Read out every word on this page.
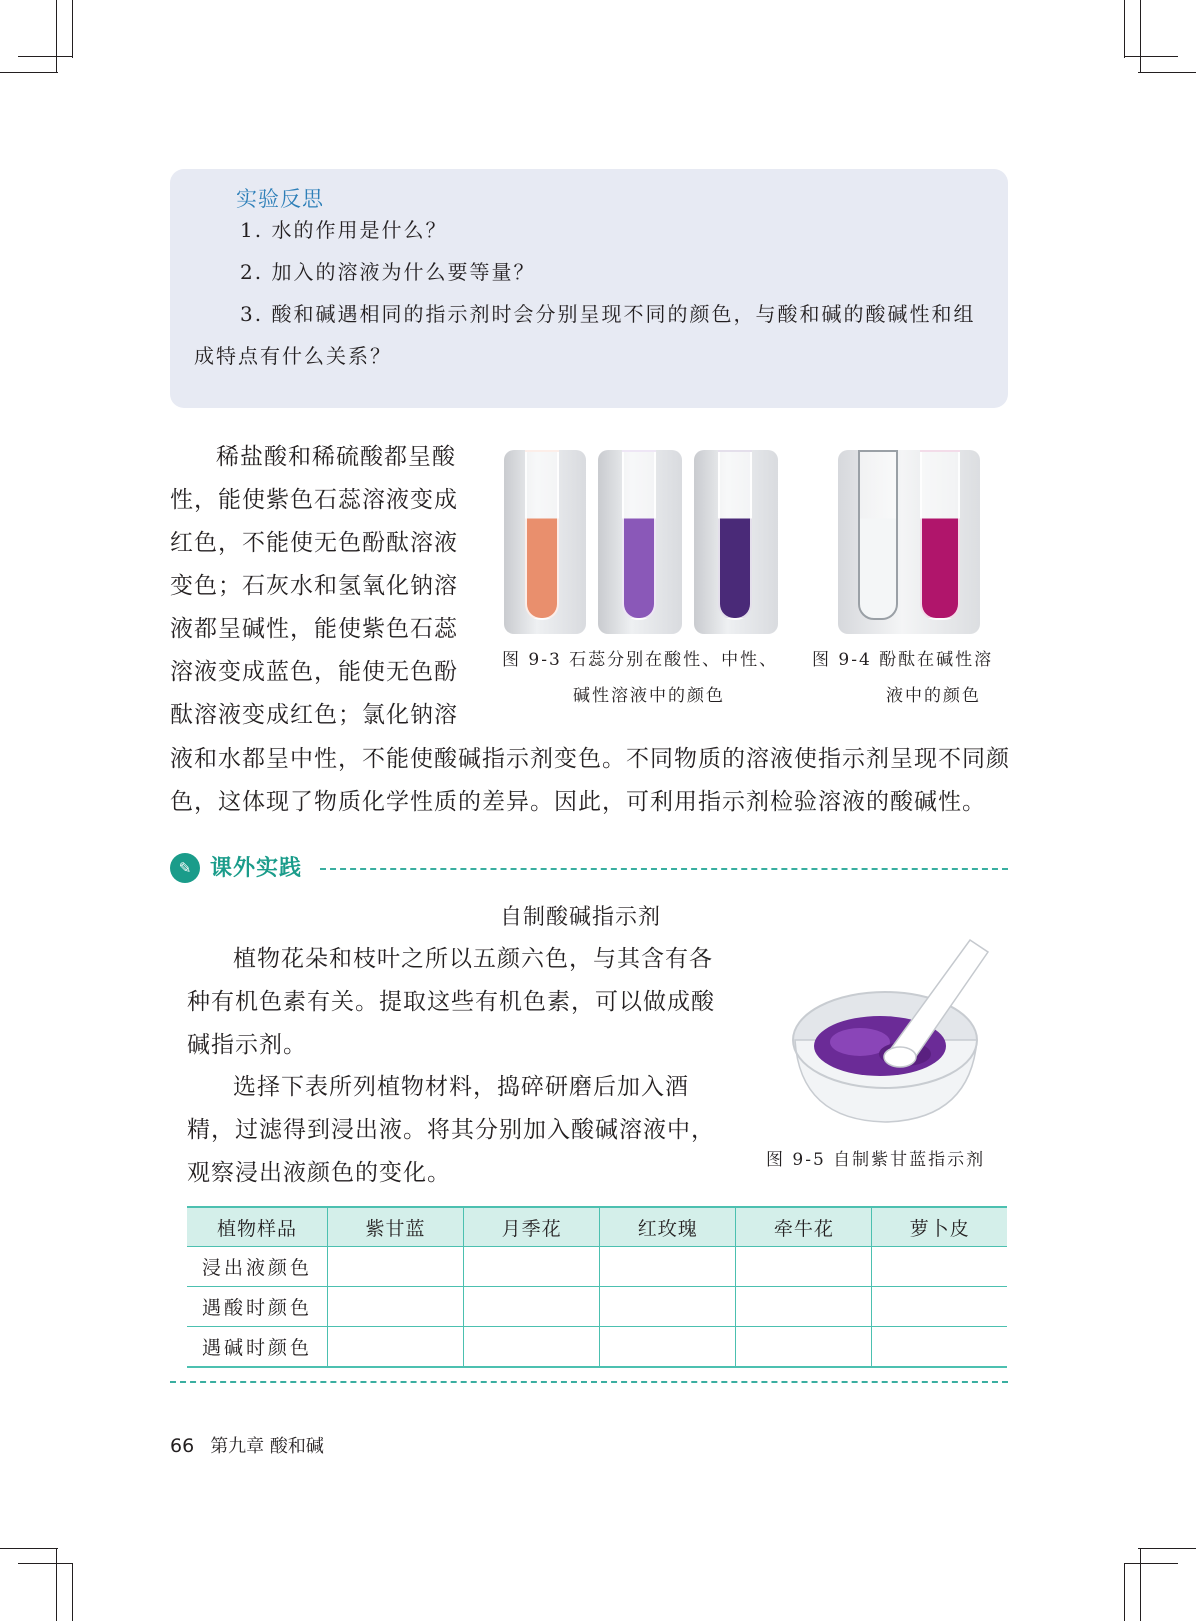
实验反思
1. 水的作用是什么？
2. 加入的溶液为什么要等量？
3. 酸和碱遇相同的指示剂时会分别呈现不同的颜色，与酸和碱的酸碱性和组成特点有什么关系？
稀盐酸和稀硫酸都呈酸性，能使紫色石蕊溶液变成红色，不能使无色酚酞溶液变色；石灰水和氢氧化钠溶液都呈碱性，能使紫色石蕊溶液变成蓝色，能使无色酚酞溶液变成红色；氯化钠溶
图 9-3 石蕊分别在酸性、中性、
碱性溶液中的颜色
图 9-4 酚酞在碱性溶
液中的颜色
液和水都呈中性，不能使酸碱指示剂变色。不同物质的溶液使指示剂呈现不同颜色，这体现了物质化学性质的差异。因此，可利用指示剂检验溶液的酸碱性。
✎ 课外实践
自制酸碱指示剂
植物花朵和枝叶之所以五颜六色，与其含有各种有机色素有关。提取这些有机色素，可以做成酸碱指示剂。
选择下表所列植物材料，捣碎研磨后加入酒精，过滤得到浸出液。将其分别加入酸碱溶液中，观察浸出液颜色的变化。	图 9-5 自制紫甘蓝指示剂
植物样品	紫甘蓝	月季花	红玫瑰	牵牛花	萝卜皮
浸出液颜色					
遇酸时颜色					
遇碱时颜色					
66 第九章 酸和碱
